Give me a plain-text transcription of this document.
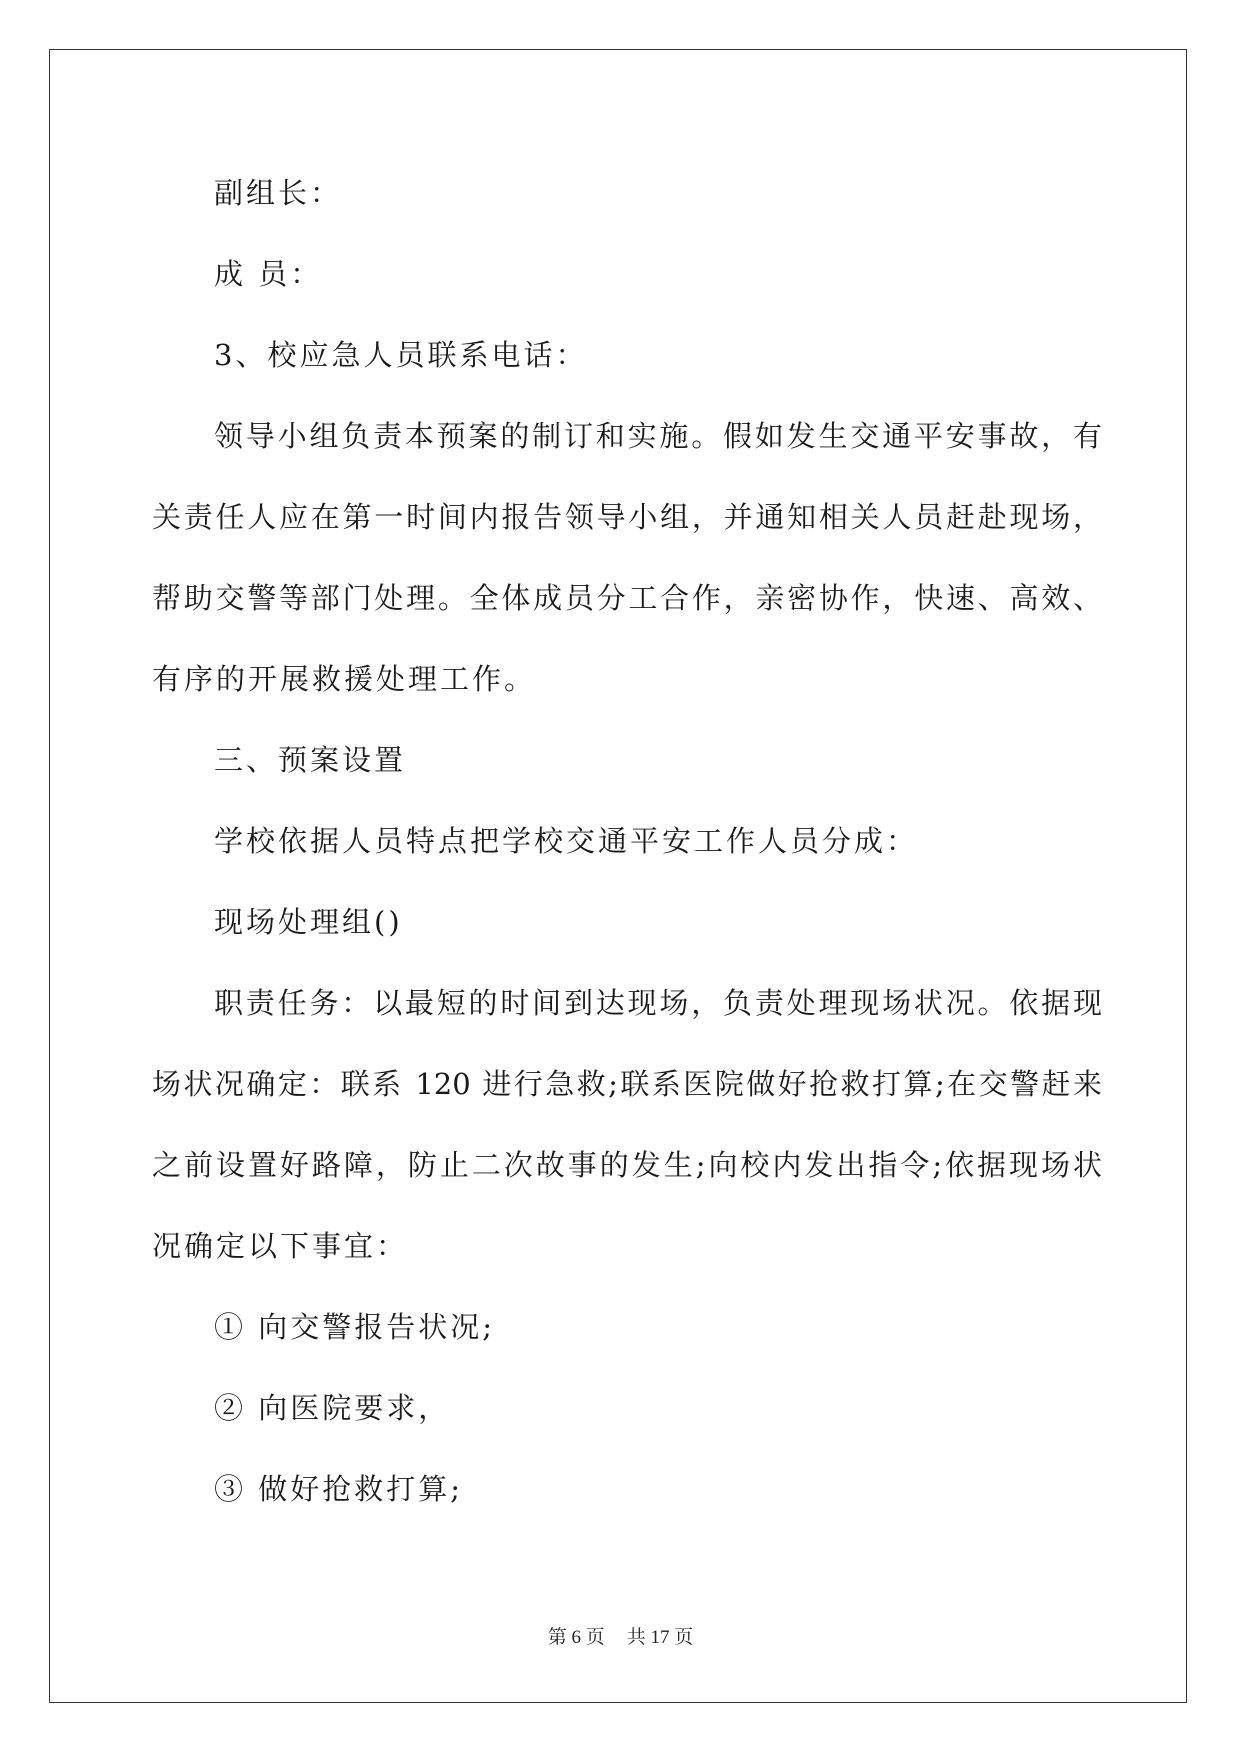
副组长：
成 员：
3、校应急人员联系电话：
领导小组负责本预案的制订和实施。假如发生交通平安事故，有
关责任人应在第一时间内报告领导小组，并通知相关人员赶赴现场，
帮助交警等部门处理。全体成员分工合作，亲密协作，快速、高效、
有序的开展救援处理工作。
三、预案设置
学校依据人员特点把学校交通平安工作人员分成：
现场处理组()
职责任务：以最短的时间到达现场，负责处理现场状况。依据现
场状况确定：联系 120 进行急救;联系医院做好抢救打算;在交警赶来
之前设置好路障，防止二次故事的发生;向校内发出指令;依据现场状
况确定以下事宜：
① 向交警报告状况;
② 向医院要求，
③ 做好抢救打算;
第 6 页 共 17 页
